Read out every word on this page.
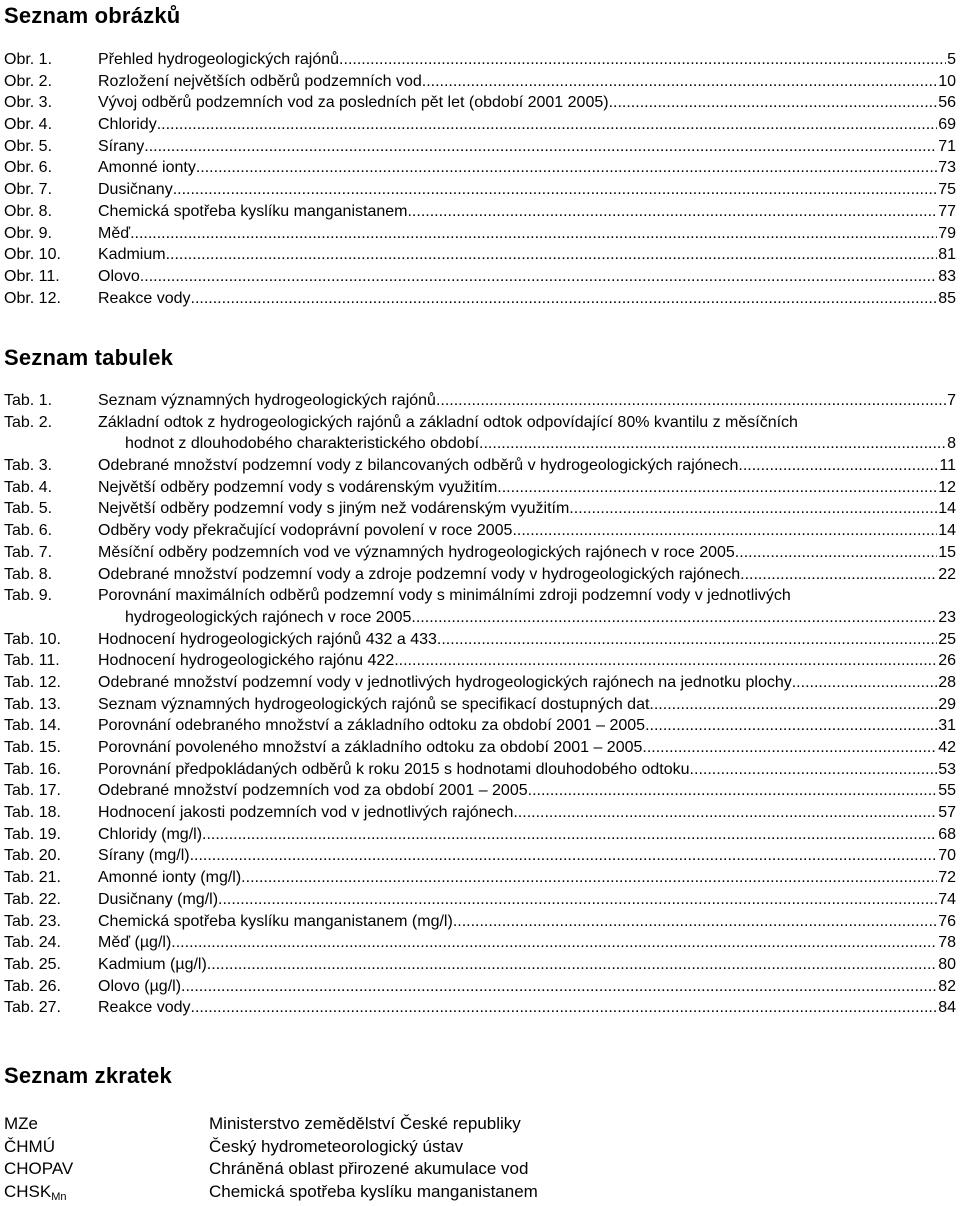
Seznam obrázků
Obr. 1.	Přehled hydrogeologických rajónů .....	5
Obr. 2.	Rozložení největších odběrů podzemních vod .....	10
Obr. 3.	Vývoj odběrů podzemních vod za posledních pět let (období 2001 2005) .....	56
Obr. 4.	Chloridy .....	69
Obr. 5.	Sírany .....	71
Obr. 6.	Amonné ionty .....	73
Obr. 7.	Dusičnany .....	75
Obr. 8.	Chemická spotřeba kyslíku manganistanem .....	77
Obr. 9.	Měď .....	79
Obr. 10.	Kadmium .....	81
Obr. 11.	Olovo .....	83
Obr. 12.	Reakce vody .....	85
Seznam tabulek
Tab. 1.	Seznam významných hydrogeologických rajónů .....	7
Tab. 2.	Základní odtok z hydrogeologických rajónů a základní odtok odpovídající 80% kvantilu z měsíčních
hodnot z dlouhodobého charakteristického období. .....	8
Tab. 3.	Odebrané množství podzemní vody z bilancovaných odběrů v hydrogeologických rajónech .....	11
Tab. 4.	Největší odběry podzemní vody s vodárenským využitím .....	12
Tab. 5.	Největší odběry podzemní vody s jiným než vodárenským využitím .....	14
Tab. 6.	Odběry vody překračující vodoprávní povolení v roce 2005 .....	14
Tab. 7.	Měsíční odběry podzemních vod ve významných hydrogeologických rajónech v roce 2005 .....	15
Tab. 8.	Odebrané množství podzemní vody a zdroje podzemní vody v hydrogeologických rajónech .....	22
Tab. 9.	Porovnání maximálních odběrů podzemní vody s minimálními zdroji podzemní vody v jednotlivých
hydrogeologických rajónech v roce 2005 .....	23
Tab. 10.	Hodnocení hydrogeologických rajónů 432 a 433 .....	25
Tab. 11.	Hodnocení hydrogeologického rajónu 422 .....	26
Tab. 12.	Odebrané množství podzemní vody v jednotlivých hydrogeologických rajónech na jednotku plochy .....	28
Tab. 13.	Seznam významných hydrogeologických rajónů se specifikací dostupných dat .....	29
Tab. 14.	Porovnání odebraného množství a základního odtoku za období 2001 – 2005 .....	31
Tab. 15.	Porovnání povoleného množství a základního odtoku za období 2001 – 2005. .....	42
Tab. 16.	Porovnání předpokládaných odběrů k roku 2015 s hodnotami dlouhodobého odtoku .....	53
Tab. 17.	Odebrané množství podzemních vod za období 2001 – 2005 .....	55
Tab. 18.	Hodnocení jakosti podzemních vod v jednotlivých rajónech .....	57
Tab. 19.	Chloridy (mg/l) .....	68
Tab. 20.	Sírany (mg/l) .....	70
Tab. 21.	Amonné ionty (mg/l) .....	72
Tab. 22.	Dusičnany (mg/l) .....	74
Tab. 23.	Chemická spotřeba kyslíku manganistanem (mg/l) .....	76
Tab. 24.	Měď (µg/l) .....	78
Tab. 25.	Kadmium (µg/l) .....	80
Tab. 26.	Olovo (µg/l) .....	82
Tab. 27.	Reakce vody .....	84
Seznam zkratek
MZe	Ministerstvo zemědělství České republiky
ČHMÚ	Český hydrometeorologický ústav
CHOPAV	Chráněná oblast přirozené akumulace vod
$CHSK_{Mn}$	Chemická spotřeba kyslíku manganistanem
